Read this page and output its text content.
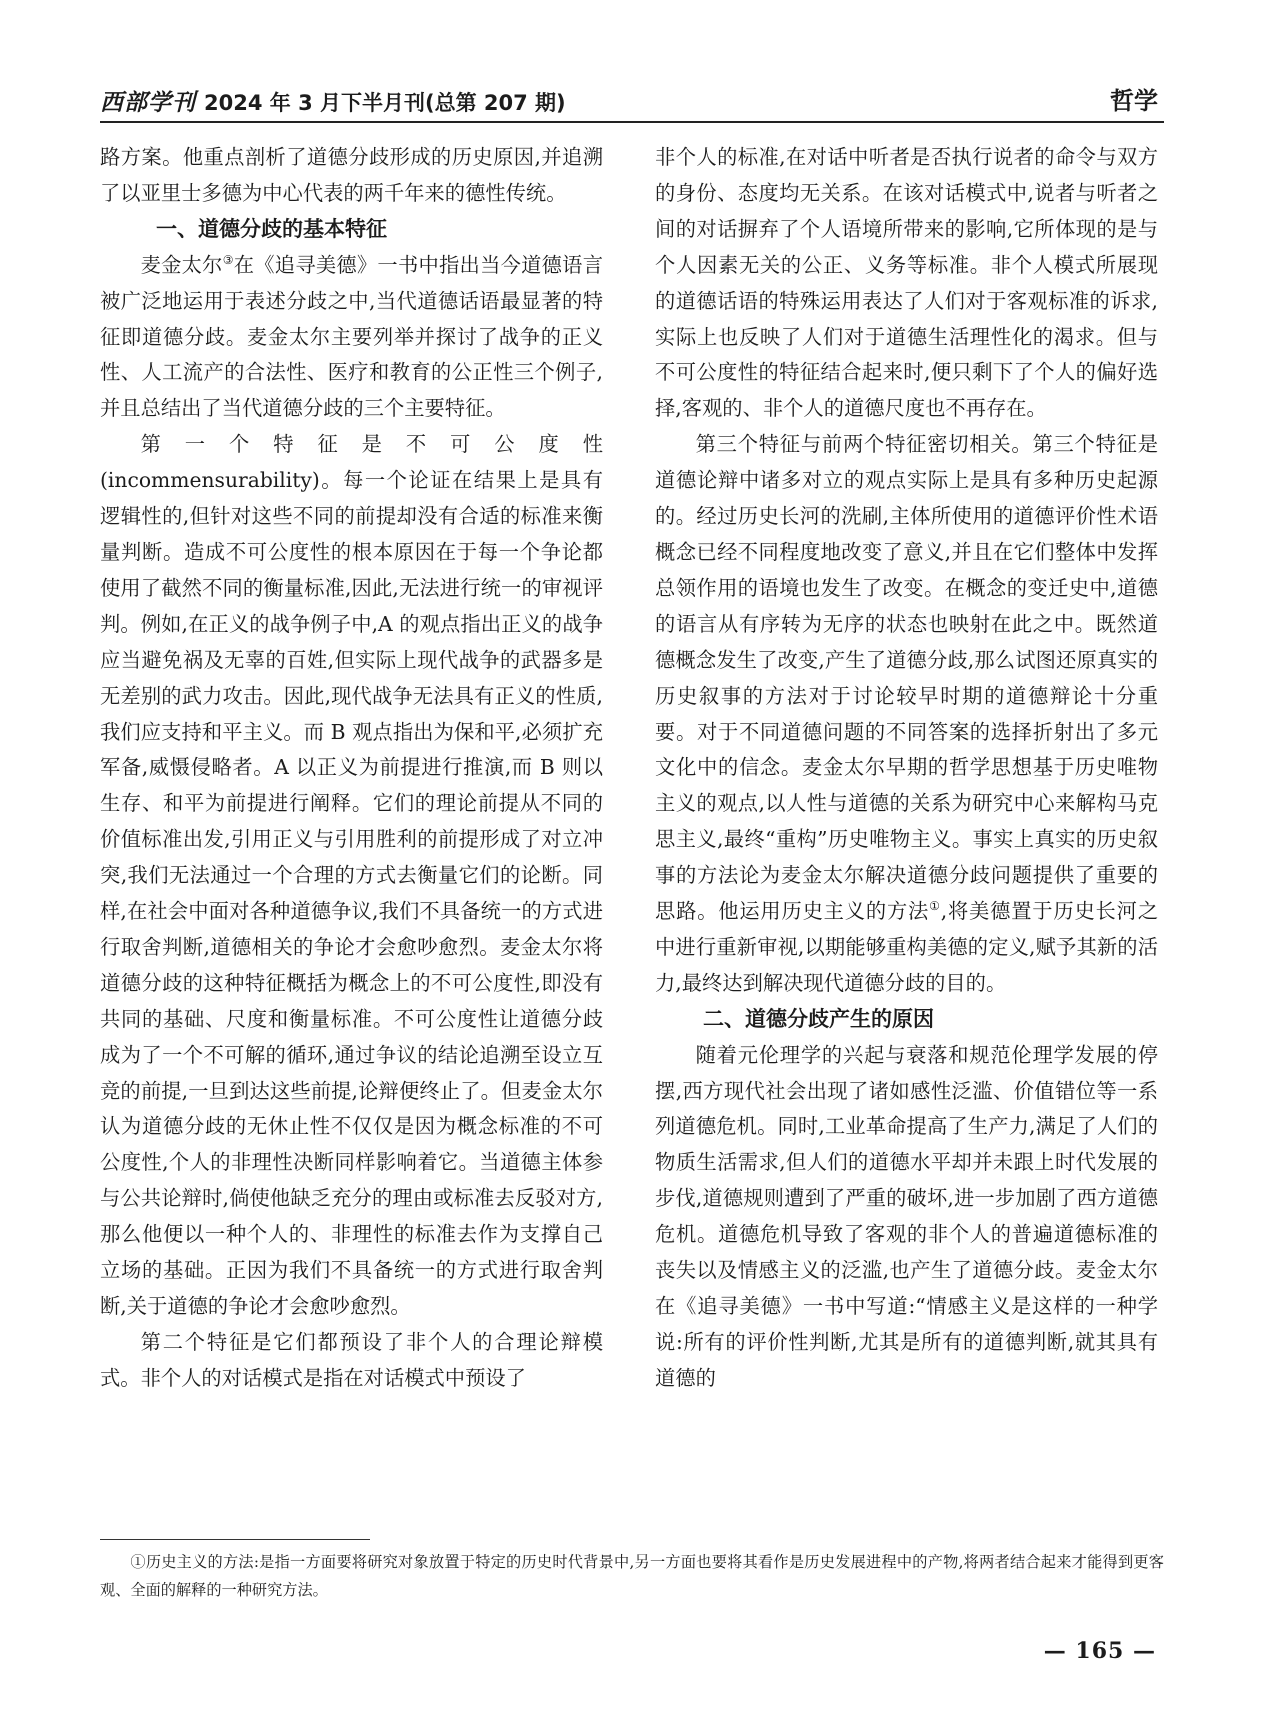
西部学刊 2024 年 3 月下半月刊(总第 207 期)	哲学

路方案。他重点剖析了道德分歧形成的历史原因,并追溯了以亚里士多德为中心代表的两千年来的德性传统。

一、道德分歧的基本特征

麦金太尔③在《追寻美德》一书中指出当今道德语言被广泛地运用于表述分歧之中,当代道德话语最显著的特征即道德分歧。麦金太尔主要列举并探讨了战争的正义性、人工流产的合法性、医疗和教育的公正性三个例子,并且总结出了当代道德分歧的三个主要特征。

第一个特征是不可公度性(incommensurability)。每一个论证在结果上是具有逻辑性的,但针对这些不同的前提却没有合适的标准来衡量判断。造成不可公度性的根本原因在于每一个争论都使用了截然不同的衡量标准,因此,无法进行统一的审视评判。例如,在正义的战争例子中,A 的观点指出正义的战争应当避免祸及无辜的百姓,但实际上现代战争的武器多是无差别的武力攻击。因此,现代战争无法具有正义的性质,我们应支持和平主义。而 B 观点指出为保和平,必须扩充军备,威慑侵略者。A 以正义为前提进行推演,而 B 则以生存、和平为前提进行阐释。它们的理论前提从不同的价值标准出发,引用正义与引用胜利的前提形成了对立冲突,我们无法通过一个合理的方式去衡量它们的论断。同样,在社会中面对各种道德争议,我们不具备统一的方式进行取舍判断,道德相关的争论才会愈吵愈烈。麦金太尔将道德分歧的这种特征概括为概念上的不可公度性,即没有共同的基础、尺度和衡量标准。不可公度性让道德分歧成为了一个不可解的循环,通过争议的结论追溯至设立互竞的前提,一旦到达这些前提,论辩便终止了。但麦金太尔认为道德分歧的无休止性不仅仅是因为概念标准的不可公度性,个人的非理性决断同样影响着它。当道德主体参与公共论辩时,倘使他缺乏充分的理由或标准去反驳对方,那么他便以一种个人的、非理性的标准去作为支撑自己立场的基础。正因为我们不具备统一的方式进行取舍判断,关于道德的争论才会愈吵愈烈。

第二个特征是它们都预设了非个人的合理论辩模式。非个人的对话模式是指在对话模式中预设了

非个人的标准,在对话中听者是否执行说者的命令与双方的身份、态度均无关系。在该对话模式中,说者与听者之间的对话摒弃了个人语境所带来的影响,它所体现的是与个人因素无关的公正、义务等标准。非个人模式所展现的道德话语的特殊运用表达了人们对于客观标准的诉求,实际上也反映了人们对于道德生活理性化的渴求。但与不可公度性的特征结合起来时,便只剩下了个人的偏好选择,客观的、非个人的道德尺度也不再存在。

第三个特征与前两个特征密切相关。第三个特征是道德论辩中诸多对立的观点实际上是具有多种历史起源的。经过历史长河的洗刷,主体所使用的道德评价性术语概念已经不同程度地改变了意义,并且在它们整体中发挥总领作用的语境也发生了改变。在概念的变迁史中,道德的语言从有序转为无序的状态也映射在此之中。既然道德概念发生了改变,产生了道德分歧,那么试图还原真实的历史叙事的方法对于讨论较早时期的道德辩论十分重要。对于不同道德问题的不同答案的选择折射出了多元文化中的信念。麦金太尔早期的哲学思想基于历史唯物主义的观点,以人性与道德的关系为研究中心来解构马克思主义,最终“重构”历史唯物主义。事实上真实的历史叙事的方法论为麦金太尔解决道德分歧问题提供了重要的思路。他运用历史主义的方法①,将美德置于历史长河之中进行重新审视,以期能够重构美德的定义,赋予其新的活力,最终达到解决现代道德分歧的目的。

二、道德分歧产生的原因

随着元伦理学的兴起与衰落和规范伦理学发展的停摆,西方现代社会出现了诸如感性泛滥、价值错位等一系列道德危机。同时,工业革命提高了生产力,满足了人们的物质生活需求,但人们的道德水平却并未跟上时代发展的步伐,道德规则遭到了严重的破坏,进一步加剧了西方道德危机。道德危机导致了客观的非个人的普遍道德标准的丧失以及情感主义的泛滥,也产生了道德分歧。麦金太尔在《追寻美德》一书中写道:“情感主义是这样的一种学说:所有的评价性判断,尤其是所有的道德判断,就其具有道德的

①历史主义的方法:是指一方面要将研究对象放置于特定的历史时代背景中,另一方面也要将其看作是历史发展进程中的产物,将两者结合起来才能得到更客观、全面的解释的一种研究方法。
— 165 —
